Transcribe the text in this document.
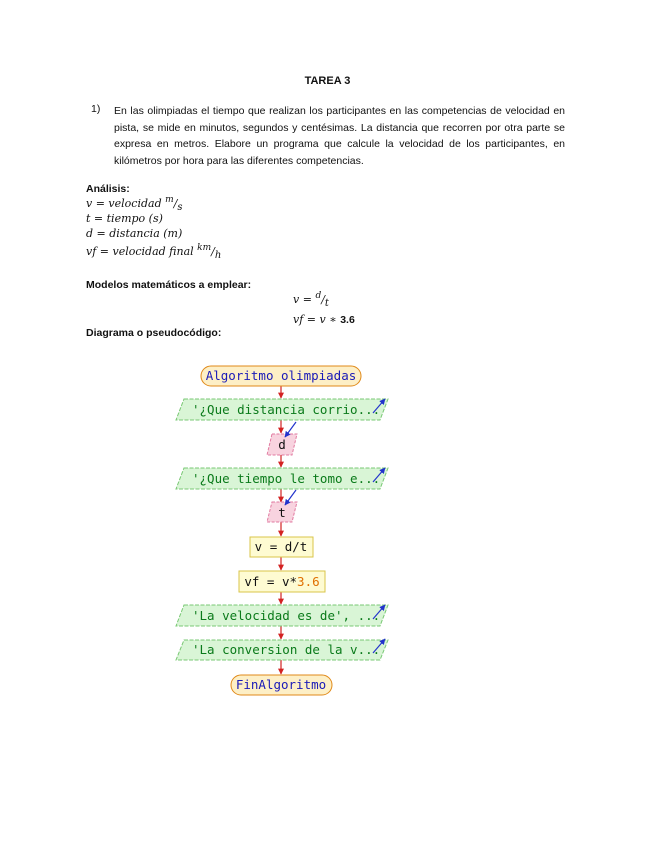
TAREA 3
1) En las olimpiadas el tiempo que realizan los participantes en las competencias de velocidad en pista, se mide en minutos, segundos y centésimas. La distancia que recorren por otra parte se expresa en metros. Elabore un programa que calcule la velocidad de los participantes, en kilómetros por hora para las diferentes competencias.
Análisis:
v = velocidad $^m$/s
t = tiempo (s)
d = distancia (m)
vf = velocidad final $^{km}$/h
Modelos matemáticos a emplear:
v = $^d$/t
vf = v ∗ 3.6
Diagrama o pseudocódigo:
Algoritmo olimpiadas
'¿Que distancia corrio...
d
'¿Que tiempo le tomo e...
t
v = d/t
vf = v*3.6
'La velocidad es de', ...
'La conversion de la v...
FinAlgoritmo
